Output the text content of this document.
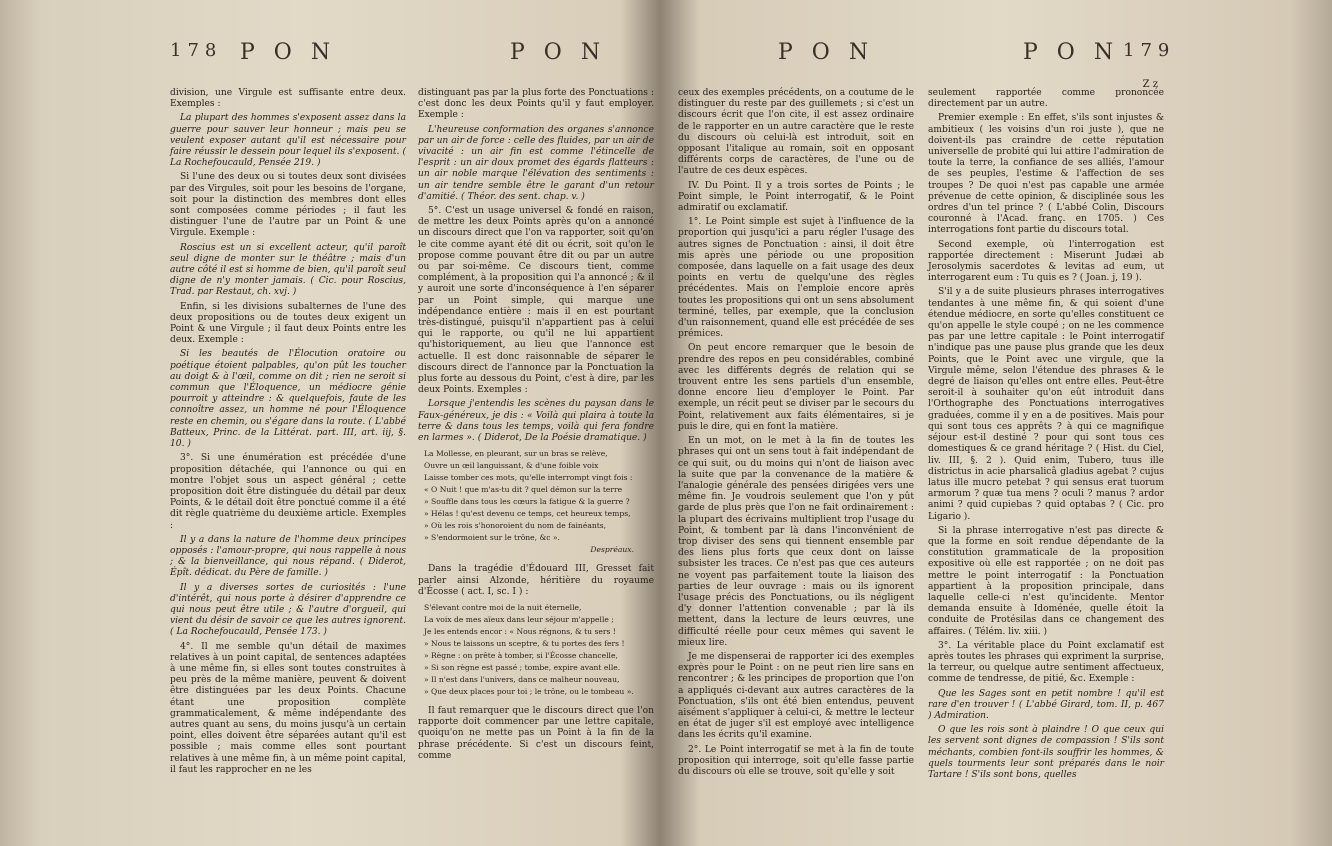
178 P O N	P O N

division, une Virgule est suffisante entre deux. Exemples :

La plupart des hommes s'exposent assez dans la guerre pour sauver leur honneur ; mais peu se veulent exposer autant qu'il est nécessaire pour faire réussir le dessein pour lequel ils s'exposent. ( La Rochefoucauld, Pensée 219. )

Si l'une des deux ou si toutes deux sont divisées par des Virgules, soit pour les besoins de l'organe, soit pour la distinction des membres dont elles sont composées comme périodes ; il faut les distinguer l'une de l'autre par un Point & une Virgule. Exemple :

Roscius est un si excellent acteur, qu'il paroît seul digne de monter sur le théâtre ; mais d'un autre côté il est si homme de bien, qu'il paroît seul digne de n'y monter jamais. ( Cic. pour Roscius, Trad. par Restaut, ch. xvj. )

Enfin, si les divisions subalternes de l'une des deux propositions ou de toutes deux exigent un Point & une Virgule ; il faut deux Points entre les deux. Exemple :

Si les beautés de l'Élocution oratoire ou poétique étoient palpables, qu'on pût les toucher au doigt & à l'œil, comme on dit ; rien ne seroit si commun que l'Éloquence, un médiocre génie pourroit y atteindre : & quelquefois, faute de les connoître assez, un homme né pour l'Éloquence reste en chemin, ou s'égare dans la route. ( L'abbé Batteux, Princ. de la Littérat. part. III, art. iij, §. 10. )

3°. Si une énumération est précédée d'une proposition détachée, qui l'annonce ou qui en montre l'objet sous un aspect général ; cette proposition doit être distinguée du détail par deux Points, & le détail doit être ponctué comme il a été dit règle quatrième du deuxième article. Exemples :

Il y a dans la nature de l'homme deux principes opposés : l'amour-propre, qui nous rappelle à nous ; & la bienveillance, qui nous répand. ( Diderot, Épît. dédicat. du Père de famille. )

Il y a diverses sortes de curiosités : l'une d'intérêt, qui nous porte à désirer d'apprendre ce qui nous peut être utile ; & l'autre d'orgueil, qui vient du désir de savoir ce que les autres ignorent. ( La Rochefoucauld, Pensée 173. )

4°. Il me semble qu'un détail de maximes relatives à un point capital, de sentences adaptées à une même fin, si elles sont toutes construites à peu près de la même manière, peuvent & doivent être distinguées par les deux Points. Chacune étant une proposition complète grammaticalement, & même indépendante des autres quant au sens, du moins jusqu'à un certain point, elles doivent être séparées autant qu'il est possible ; mais comme elles sont pourtant relatives à une même fin, à un même point capital, il faut les rapprocher en ne les

distinguant pas par la plus forte des Ponctuations : c'est donc les deux Points qu'il y faut employer. Exemple :

L'heureuse conformation des organes s'annonce par un air de force : celle des fluides, par un air de vivacité : un air fin est comme l'étincelle de l'esprit : un air doux promet des égards flatteurs : un air noble marque l'élévation des sentiments : un air tendre semble être le garant d'un retour d'amitié. ( Théor. des sent. chap. v. )

5°. C'est un usage universel & fondé en raison, de mettre les deux Points après qu'on a annoncé un discours direct que l'on va rapporter, soit qu'on le cite comme ayant été dit ou écrit, soit qu'on le propose comme pouvant être dit ou par un autre ou par soi-même. Ce discours tient, comme complément, à la proposition qui l'a annoncé ; & il y auroit une sorte d'inconséquence à l'en séparer par un Point simple, qui marque une indépendance entière : mais il en est pourtant très-distingué, puisqu'il n'appartient pas à celui qui le rapporte, ou qu'il ne lui appartient qu'historiquement, au lieu que l'annonce est actuelle. Il est donc raisonnable de séparer le discours direct de l'annonce par la Ponctuation la plus forte au dessous du Point, c'est à dire, par les deux Points. Exemples :

Lorsque j'entendis les scènes du paysan dans le Faux-généreux, je dis : « Voilà qui plaira à toute la terre & dans tous les temps, voilà qui fera fondre en larmes ». ( Diderot, De la Poésie dramatique. )

La Mollesse, en pleurant, sur un bras se relève,
Ouvre un œil languissant, & d'une foible voix
Laisse tomber ces mots, qu'elle interrompt vingt fois :
« O Nuit ! que m'as-tu dit ? quel démon sur la terre
» Souffle dans tous les cœurs la fatigue & la guerre ?
» Hélas ! qu'est devenu ce temps, cet heureux temps,
» Où les rois s'honoroient du nom de fainéants,
» S'endormoient sur le trône, &c ».
Despréaux.

Dans la tragédie d'Édouard III, Gresset fait parler ainsi Alzonde, héritière du royaume d'Écosse ( act. I, sc. I ) :

S'élevant contre moi de la nuit éternelle,
La voix de mes aïeux dans leur séjour m'appelle ;
Je les entends encor : « Nous régnons, & tu sers !
» Nous te laissons un sceptre, & tu portes des fers !
» Règne : on prête à tomber, si l'Écosse chancelle,
» Si son règne est passé ; tombe, expire avant elle.
» Il n'est dans l'univers, dans ce malheur nouveau,
» Que deux places pour toi ; le trône, ou le tombeau ».

Il faut remarquer que le discours direct que l'on rapporte doit commencer par une lettre capitale, quoiqu'on ne mette pas un Point à la fin de la phrase précédente. Si c'est un discours feint, comme

P O N	P O N 179

ceux des exemples précédents, on a coutume de le distinguer du reste par des guillemets ; si c'est un discours écrit que l'on cite, il est assez ordinaire de le rapporter en un autre caractère que le reste du discours où celui-là est introduit, soit en opposant l'italique au romain, soit en opposant différents corps de caractères, de l'une ou de l'autre de ces deux espèces.

IV. Du Point. Il y a trois sortes de Points ; le Point simple, le Point interrogatif, & le Point admiratif ou exclamatif.

1°. Le Point simple est sujet à l'influence de la proportion qui jusqu'ici a paru régler l'usage des autres signes de Ponctuation : ainsi, il doit être mis après une période ou une proposition composée, dans laquelle on a fait usage des deux points en vertu de quelqu'une des règles précédentes. Mais on l'emploie encore après toutes les propositions qui ont un sens absolument terminé, telles, par exemple, que la conclusion d'un raisonnement, quand elle est précédée de ses prémices.

On peut encore remarquer que le besoin de prendre des repos en peu considérables, combiné avec les différents degrés de relation qui se trouvent entre les sens partiels d'un ensemble, donne encore lieu d'employer le Point. Par exemple, un récit peut se diviser par le secours du Point, relativement aux faits élémentaires, si je puis le dire, qui en font la matière.

En un mot, on le met à la fin de toutes les phrases qui ont un sens tout à fait indépendant de ce qui suit, ou du moins qui n'ont de liaison avec la suite que par la convenance de la matière & l'analogie générale des pensées dirigées vers une même fin. Je voudrois seulement que l'on y pût garde de plus près que l'on ne fait ordinairement : la plupart des écrivains multiplient trop l'usage du Point, & tombent par là dans l'inconvénient de trop diviser des sens qui tiennent ensemble par des liens plus forts que ceux dont on laisse subsister les traces. Ce n'est pas que ces auteurs ne voyent pas parfaitement toute la liaison des parties de leur ouvrage : mais ou ils ignorent l'usage précis des Ponctuations, ou ils négligent d'y donner l'attention convenable ; par là ils mettent, dans la lecture de leurs œuvres, une difficulté réelle pour ceux mêmes qui savent le mieux lire.

Je me dispenserai de rapporter ici des exemples exprès pour le Point : on ne peut rien lire sans en rencontrer ; & les principes de proportion que l'on a appliqués ci-devant aux autres caractères de la Ponctuation, s'ils ont été bien entendus, peuvent aisément s'appliquer à celui-ci, & mettre le lecteur en état de juger s'il est employé avec intelligence dans les écrits qu'il examine.

2°. Le Point interrogatif se met à la fin de toute proposition qui interroge, soit qu'elle fasse partie du discours où elle se trouve, soit qu'elle y soit

seulement rapportée comme prononcée directement par un autre.

Premier exemple : En effet, s'ils sont injustes & ambitieux ( les voisins d'un roi juste ), que ne doivent-ils pas craindre de cette réputation universelle de probité qui lui attire l'admiration de toute la terre, la confiance de ses alliés, l'amour de ses peuples, l'estime & l'affection de ses troupes ? De quoi n'est pas capable une armée prévenue de cette opinion, & disciplinée sous les ordres d'un tel prince ? ( L'abbé Colin, Discours couronné à l'Acad. franç. en 1705. ) Ces interrogations font partie du discours total.

Second exemple, où l'interrogation est rapportée directement : Miserunt Judæi ab Jerosolymis sacerdotes & levitas ad eum, ut interrogarent eum : Tu quis es ? ( Joan. j, 19 ).

S'il y a de suite plusieurs phrases interrogatives tendantes à une même fin, & qui soient d'une étendue médiocre, en sorte qu'elles constituent ce qu'on appelle le style coupé ; on ne les commence pas par une lettre capitale : le Point interrogatif n'indique pas une pause plus grande que les deux Points, que le Point avec une virgule, que la Virgule même, selon l'étendue des phrases & le degré de liaison qu'elles ont entre elles. Peut-être seroit-il à souhaiter qu'on eût introduit dans l'Orthographe des Ponctuations interrogatives graduées, comme il y en a de positives. Mais pour qui sont tous ces apprêts ? à qui ce magnifique séjour est-il destiné ? pour qui sont tous ces domestiques & ce grand héritage ? ( Hist. du Ciel, liv. III, §. 2 ). Quid enim, Tubero, tuus ille districtus in acie pharsalicâ gladius agebat ? cujus latus ille mucro petebat ? qui sensus erat tuorum armorum ? quæ tua mens ? oculi ? manus ? ardor animi ? quid cupiebas ? quid optabas ? ( Cic. pro Ligario ).

Si la phrase interrogative n'est pas directe & que la forme en soit rendue dépendante de la constitution grammaticale de la proposition expositive où elle est rapportée ; on ne doit pas mettre le point interrogatif : la Ponctuation appartient à la proposition principale, dans laquelle celle-ci n'est qu'incidente. Mentor demanda ensuite à Idoménée, quelle étoit la conduite de Protésilas dans ce changement des affaires. ( Télém. liv. xiii. )

3°. La véritable place du Point exclamatif est après toutes les phrases qui expriment la surprise, la terreur, ou quelque autre sentiment affectueux, comme de tendresse, de pitié, &c. Exemple :

Que les Sages sont en petit nombre ! qu'il est rare d'en trouver ! ( L'abbé Girard, tom. II, p. 467 ) Admiration.

O que les rois sont à plaindre ! O que ceux qui les servent sont dignes de compassion ! S'ils sont méchants, combien font-ils souffrir les hommes, & quels tourments leur sont préparés dans le noir Tartare ! S'ils sont bons, quelles

Z z
